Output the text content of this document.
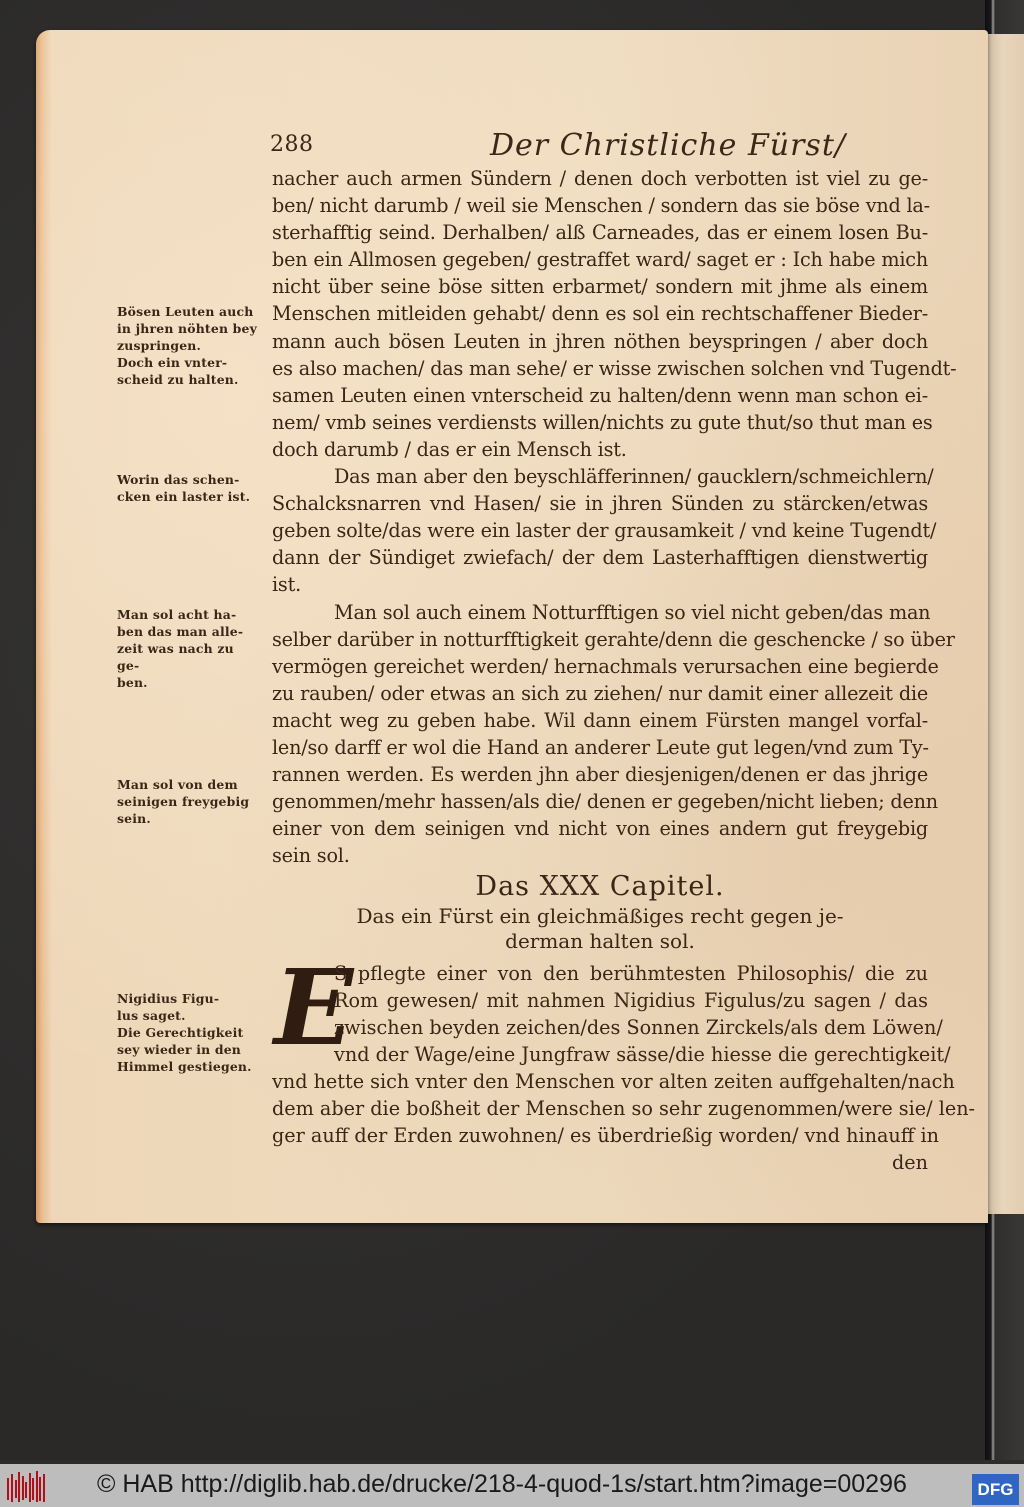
288	Der Christliche Fürst/
nacher auch armen Sündern / denen doch verbotten ist viel zu ge-
ben/ nicht darumb / weil sie Menschen / sondern das sie böse vnd la-
sterhafftig seind. Derhalben/ alß Carneades, das er einem losen Bu-
ben ein Allmosen gegeben/ gestraffet ward/ saget er : Ich habe mich
nicht über seine böse sitten erbarmet/ sondern mit jhme als einem
Menschen mitleiden gehabt/ denn es sol ein rechtschaffener Bieder-
mann auch bösen Leuten in jhren nöthen beyspringen / aber doch
es also machen/ das man sehe/ er wisse zwischen solchen vnd Tugendt-
samen Leuten einen vnterscheid zu halten/denn wenn man schon ei-
nem/ vmb seines verdiensts willen/nichts zu gute thut/so thut man es
doch darumb / das er ein Mensch ist.
Das man aber den beyschläfferinnen/ gaucklern/schmeichlern/
Schalcksnarren vnd Hasen/ sie in jhren Sünden zu stärcken/etwas
geben solte/das were ein laster der grausamkeit / vnd keine Tugendt/
dann der Sündiget zwiefach/ der dem Lasterhafftigen dienstwertig
ist.
Man sol auch einem Notturfftigen so viel nicht geben/das man
selber darüber in notturfftigkeit gerahte/denn die geschencke / so über
vermögen gereichet werden/ hernachmals verursachen eine begierde
zu rauben/ oder etwas an sich zu ziehen/ nur damit einer allezeit die
macht weg zu geben habe. Wil dann einem Fürsten mangel vorfal-
len/so darff er wol die Hand an anderer Leute gut legen/vnd zum Ty-
rannen werden. Es werden jhn aber diesjenigen/denen er das jhrige
genommen/mehr hassen/als die/ denen er gegeben/nicht lieben; denn
einer von dem seinigen vnd nicht von eines andern gut freygebig
sein sol.
Das XXX Capitel.
Das ein Fürst ein gleichmäßiges recht gegen je-
derman halten sol.
E
S pflegte einer von den berühmtesten Philosophis/ die zu
Rom gewesen/ mit nahmen Nigidius Figulus/zu sagen / das
zwischen beyden zeichen/des Sonnen Zirckels/als dem Löwen/
vnd der Wage/eine Jungfraw sässe/die hiesse die gerechtigkeit/
vnd hette sich vnter den Menschen vor alten zeiten auffgehalten/nach
dem aber die boßheit der Menschen so sehr zugenommen/were sie/ len-
ger auff der Erden zuwohnen/ es überdrießig worden/ vnd hinauff in
den
Bösen Leuten auch
in jhren nöhten bey
zuspringen.
Doch ein vnter-
scheid zu halten.
Worin das schen-
cken ein laster ist.
Man sol acht ha-
ben das man alle-
zeit was nach zu ge-
ben.
Man sol von dem
seinigen freygebig
sein.
Nigidius Figu-
lus saget.
Die Gerechtigkeit
sey wieder in den
Himmel gestiegen.
© HAB http://diglib.hab.de/drucke/218-4-quod-1s/start.htm?image=00296	DFG
